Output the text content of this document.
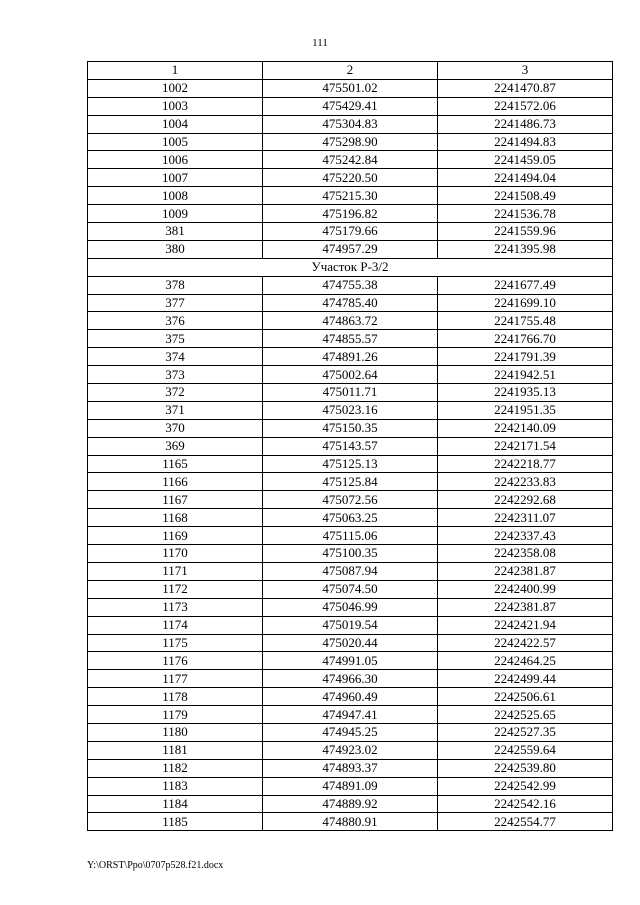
111
1	2	3
1002	475501.02	2241470.87
1003	475429.41	2241572.06
1004	475304.83	2241486.73
1005	475298.90	2241494.83
1006	475242.84	2241459.05
1007	475220.50	2241494.04
1008	475215.30	2241508.49
1009	475196.82	2241536.78
381	475179.66	2241559.96
380	474957.29	2241395.98
Участок Р-3/2		
378	474755.38	2241677.49
377	474785.40	2241699.10
376	474863.72	2241755.48
375	474855.57	2241766.70
374	474891.26	2241791.39
373	475002.64	2241942.51
372	475011.71	2241935.13
371	475023.16	2241951.35
370	475150.35	2242140.09
369	475143.57	2242171.54
1165	475125.13	2242218.77
1166	475125.84	2242233.83
1167	475072.56	2242292.68
1168	475063.25	2242311.07
1169	475115.06	2242337.43
1170	475100.35	2242358.08
1171	475087.94	2242381.87
1172	475074.50	2242400.99
1173	475046.99	2242381.87
1174	475019.54	2242421.94
1175	475020.44	2242422.57
1176	474991.05	2242464.25
1177	474966.30	2242499.44
1178	474960.49	2242506.61
1179	474947.41	2242525.65
1180	474945.25	2242527.35
1181	474923.02	2242559.64
1182	474893.37	2242539.80
1183	474891.09	2242542.99
1184	474889.92	2242542.16
1185	474880.91	2242554.77
Y:\ORST\Ppo\0707p528.f21.docx
